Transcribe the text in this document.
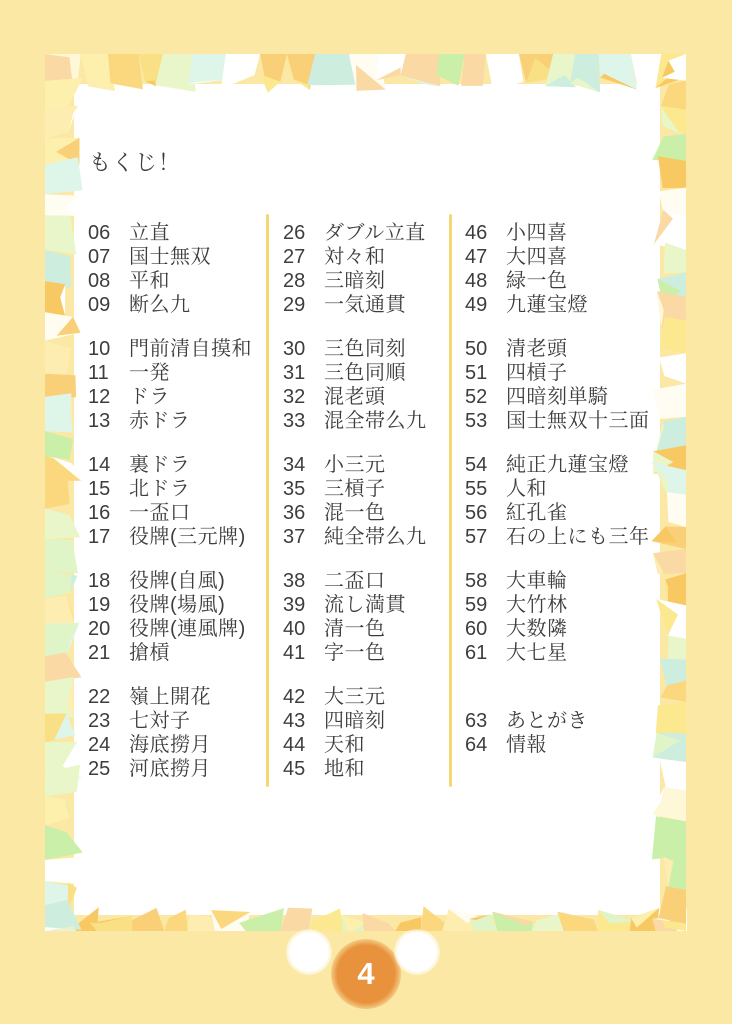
もくじ！
06 立直
07 国士無双
08 平和
09 断么九
10 門前清自摸和
11	一発
12 ドラ
13 赤ドラ
14 裏ドラ
15 北ドラ
16 一盃口
17 役牌(三元牌)
18 役牌(自風)
19 役牌(場風)
20 役牌(連風牌)
21 搶槓
22 嶺上開花
23 七対子
24 海底撈月
25 河底撈月
26 ダブル立直
27 対々和
28 三暗刻
29 一気通貫
30 三色同刻
31 三色同順
32 混老頭
33 混全帯么九
34 小三元
35 三槓子
36 混一色
37 純全帯么九
38 二盃口
39 流し満貫
40 清一色
41 字一色
42 大三元
43 四暗刻
44 天和
45 地和
46 小四喜
47 大四喜
48 緑一色
49 九蓮宝燈
50 清老頭
51 四槓子
52 四暗刻単騎
53 国士無双十三面
54 純正九蓮宝燈
55 人和
56 紅孔雀
57 石の上にも三年
58 大車輪
59 大竹林
60 大数隣
61 大七星
63 あとがき
64 情報
4
